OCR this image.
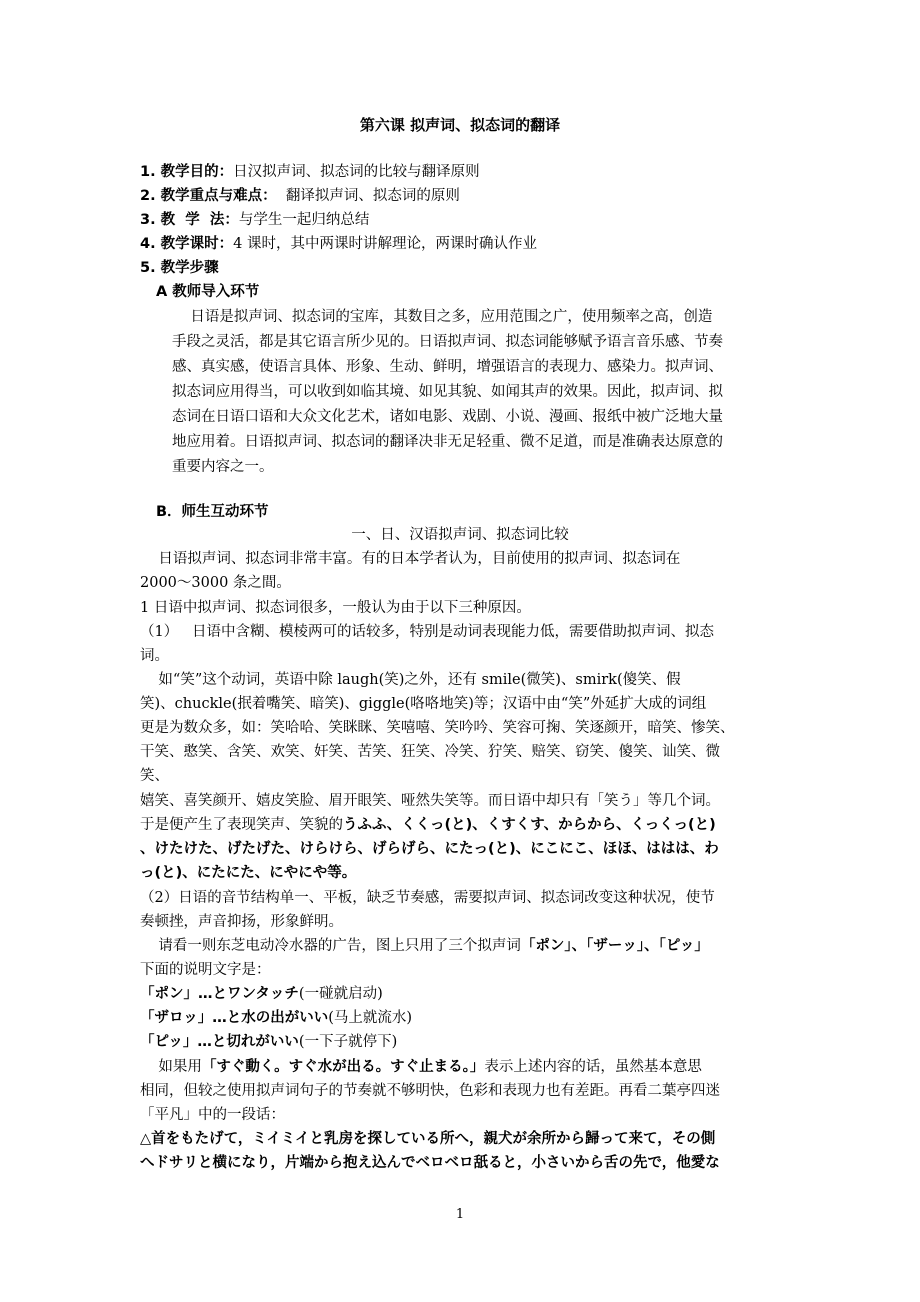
第六课 拟声词、拟态词的翻译
1. 教学目的：日汉拟声词、拟态词的比较与翻译原则
2. 教学重点与难点：  翻译拟声词、拟态词的原则
3. 教  学  法：与学生一起归纳总结
4. 教学课时：4 课时，其中两课时讲解理论，两课时确认作业
5. 教学步骤
A 教师导入环节
日语是拟声词、拟态词的宝库，其数目之多，应用范围之广，使用频率之高，创造
手段之灵活，都是其它语言所少见的。日语拟声词、拟态词能够赋予语言音乐感、节奏
感、真实感，使语言具体、形象、生动、鲜明，增强语言的表现力、感染力。拟声词、
拟态词应用得当，可以收到如临其境、如见其貌、如闻其声的效果。因此，拟声词、拟
态词在日语口语和大众文化艺术，诸如电影、戏剧、小说、漫画、报纸中被广泛地大量
地应用着。日语拟声词、拟态词的翻译决非无足轻重、微不足道，而是准确表达原意的
重要内容之一。
B．师生互动环节
一、日、汉语拟声词、拟态词比较
日语拟声词、拟态词非常丰富。有的日本学者认为，目前使用的拟声词、拟态词在
2000～3000 条之間。
1 日语中拟声词、拟态词很多，一般认为由于以下三种原因。
（1）   日语中含糊、模棱两可的话较多，特别是动词表现能力低，需要借助拟声词、拟态
词。
如“笑”这个动词，英语中除 laugh(笑)之外，还有 smile(微笑)、smirk(傻笑、假
笑)、chuckle(抿着嘴笑、暗笑)、giggle(咯咯地笑)等；汉语中由“笑”外延扩大成的词组
更是为数众多，如：笑哈哈、笑眯眯、笑嘻嘻、笑吟吟、笑容可掬、笑逐颜开，暗笑、惨笑、
干笑、憨笑、含笑、欢笑、奸笑、苦笑、狂笑、冷笑、狞笑、赔笑、窃笑、傻笑、讪笑、微
笑、
嬉笑、喜笑颜开、嬉皮笑脸、眉开眼笑、哑然失笑等。而日语中却只有「笑う」等几个词。
于是便产生了表现笑声、笑貌的うふふ、くくっ(と)、くすくす、からから、くっくっ(と)
、けたけた、げたげた、けらけら、げらげら、にたっ(と)、にこにこ、ほほ、ははは、わ
っ(と)、にたにた、にやにや等。
（2）日语的音节结构单一、平板，缺乏节奏感，需要拟声词、拟态词改变这种状况，使节
奏顿挫，声音抑扬，形象鲜明。
请看一则东芝电动冷水器的广告，图上只用了三个拟声词「ポン」、「ザーッ」、「ピッ」
下面的说明文字是：
「ポン」…とワンタッチ(一碰就启动)
「ザロッ」…と水の出がいい(马上就流水)
「ピッ」…と切れがいい(一下子就停下)
如果用「すぐ動く。すぐ水が出る。すぐ止まる。」表示上述内容的话，虽然基本意思
相同，但较之使用拟声词句子的节奏就不够明快，色彩和表现力也有差距。再看二葉亭四迷
「平凡」中的一段话：
△首をもたげて，ミイミイと乳房を探している所へ，親犬が余所から歸って来て，その側
へドサリと横になり，片端から抱え込んでベロベロ舐ると，小さいから舌の先で，他愛な
1
